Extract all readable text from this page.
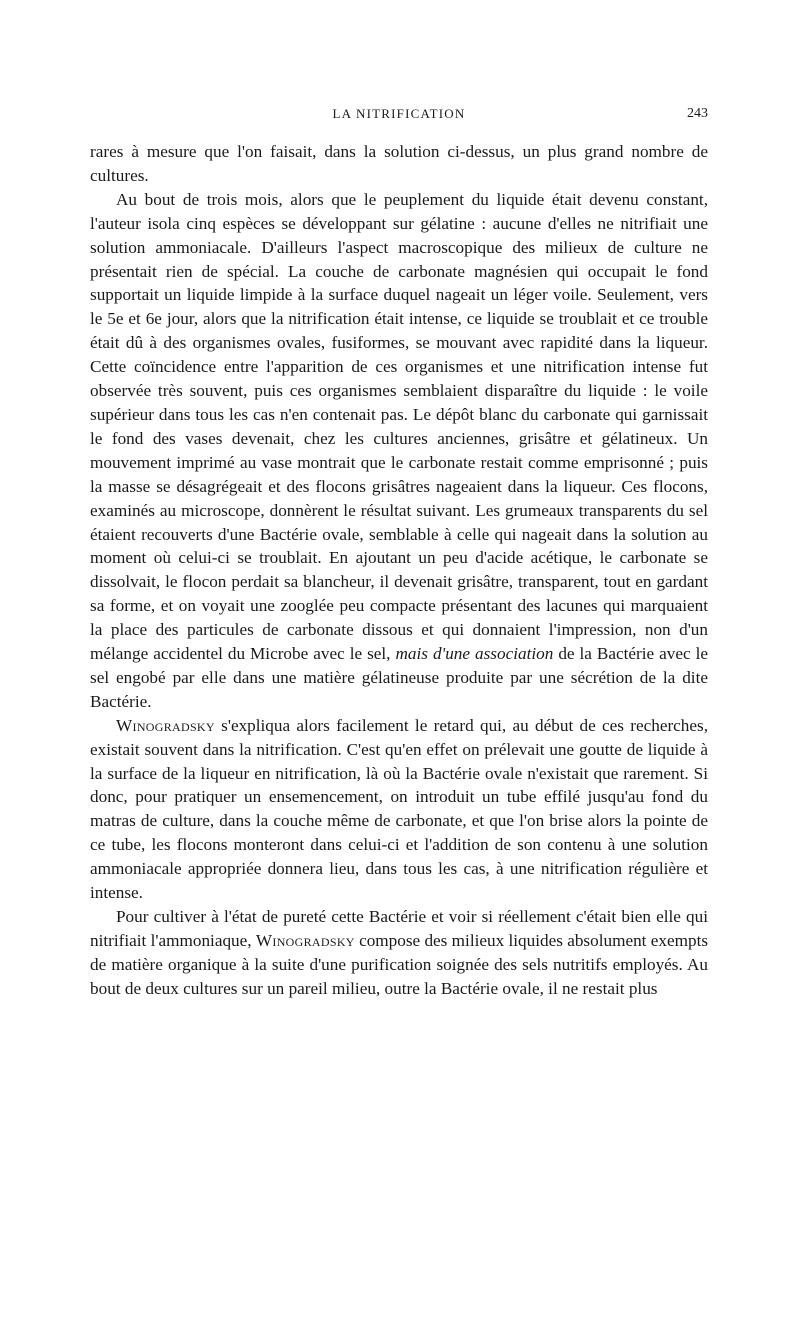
LA NITRIFICATION	243

rares à mesure que l'on faisait, dans la solution ci-dessus, un plus grand nombre de cultures.

Au bout de trois mois, alors que le peuplement du liquide était devenu constant, l'auteur isola cinq espèces se développant sur gélatine : aucune d'elles ne nitrifiait une solution ammoniacale. D'ailleurs l'aspect macroscopique des milieux de culture ne présentait rien de spécial. La couche de carbonate magnésien qui occupait le fond supportait un liquide limpide à la surface duquel nageait un léger voile. Seulement, vers le 5e et 6e jour, alors que la nitrification était intense, ce liquide se troublait et ce trouble était dû à des organismes ovales, fusiformes, se mouvant avec rapidité dans la liqueur. Cette coïncidence entre l'apparition de ces organismes et une nitrification intense fut observée très souvent, puis ces organismes semblaient disparaître du liquide : le voile supérieur dans tous les cas n'en contenait pas. Le dépôt blanc du carbonate qui garnissait le fond des vases devenait, chez les cultures anciennes, grisâtre et gélatineux. Un mouvement imprimé au vase montrait que le carbonate restait comme emprisonné ; puis la masse se désagrégeait et des flocons grisâtres nageaient dans la liqueur. Ces flocons, examinés au microscope, donnèrent le résultat suivant. Les grumeaux transparents du sel étaient recouverts d'une Bactérie ovale, semblable à celle qui nageait dans la solution au moment où celui-ci se troublait. En ajoutant un peu d'acide acétique, le carbonate se dissolvait, le flocon perdait sa blancheur, il devenait grisâtre, transparent, tout en gardant sa forme, et on voyait une zooglée peu compacte présentant des lacunes qui marquaient la place des particules de carbonate dissous et qui donnaient l'impression, non d'un mélange accidentel du Microbe avec le sel, mais d'une association de la Bactérie avec le sel engobé par elle dans une matière gélatineuse produite par une sécrétion de la dite Bactérie.

Winogradsky s'expliqua alors facilement le retard qui, au début de ces recherches, existait souvent dans la nitrification. C'est qu'en effet on prélevait une goutte de liquide à la surface de la liqueur en nitrification, là où la Bactérie ovale n'existait que rarement. Si donc, pour pratiquer un ensemencement, on introduit un tube effilé jusqu'au fond du matras de culture, dans la couche même de carbonate, et que l'on brise alors la pointe de ce tube, les flocons monteront dans celui-ci et l'addition de son contenu à une solution ammoniacale appropriée donnera lieu, dans tous les cas, à une nitrification régulière et intense.

Pour cultiver à l'état de pureté cette Bactérie et voir si réellement c'était bien elle qui nitrifiait l'ammoniaque, Winogradsky compose des milieux liquides absolument exempts de matière organique à la suite d'une purification soignée des sels nutritifs employés. Au bout de deux cultures sur un pareil milieu, outre la Bactérie ovale, il ne restait plus
